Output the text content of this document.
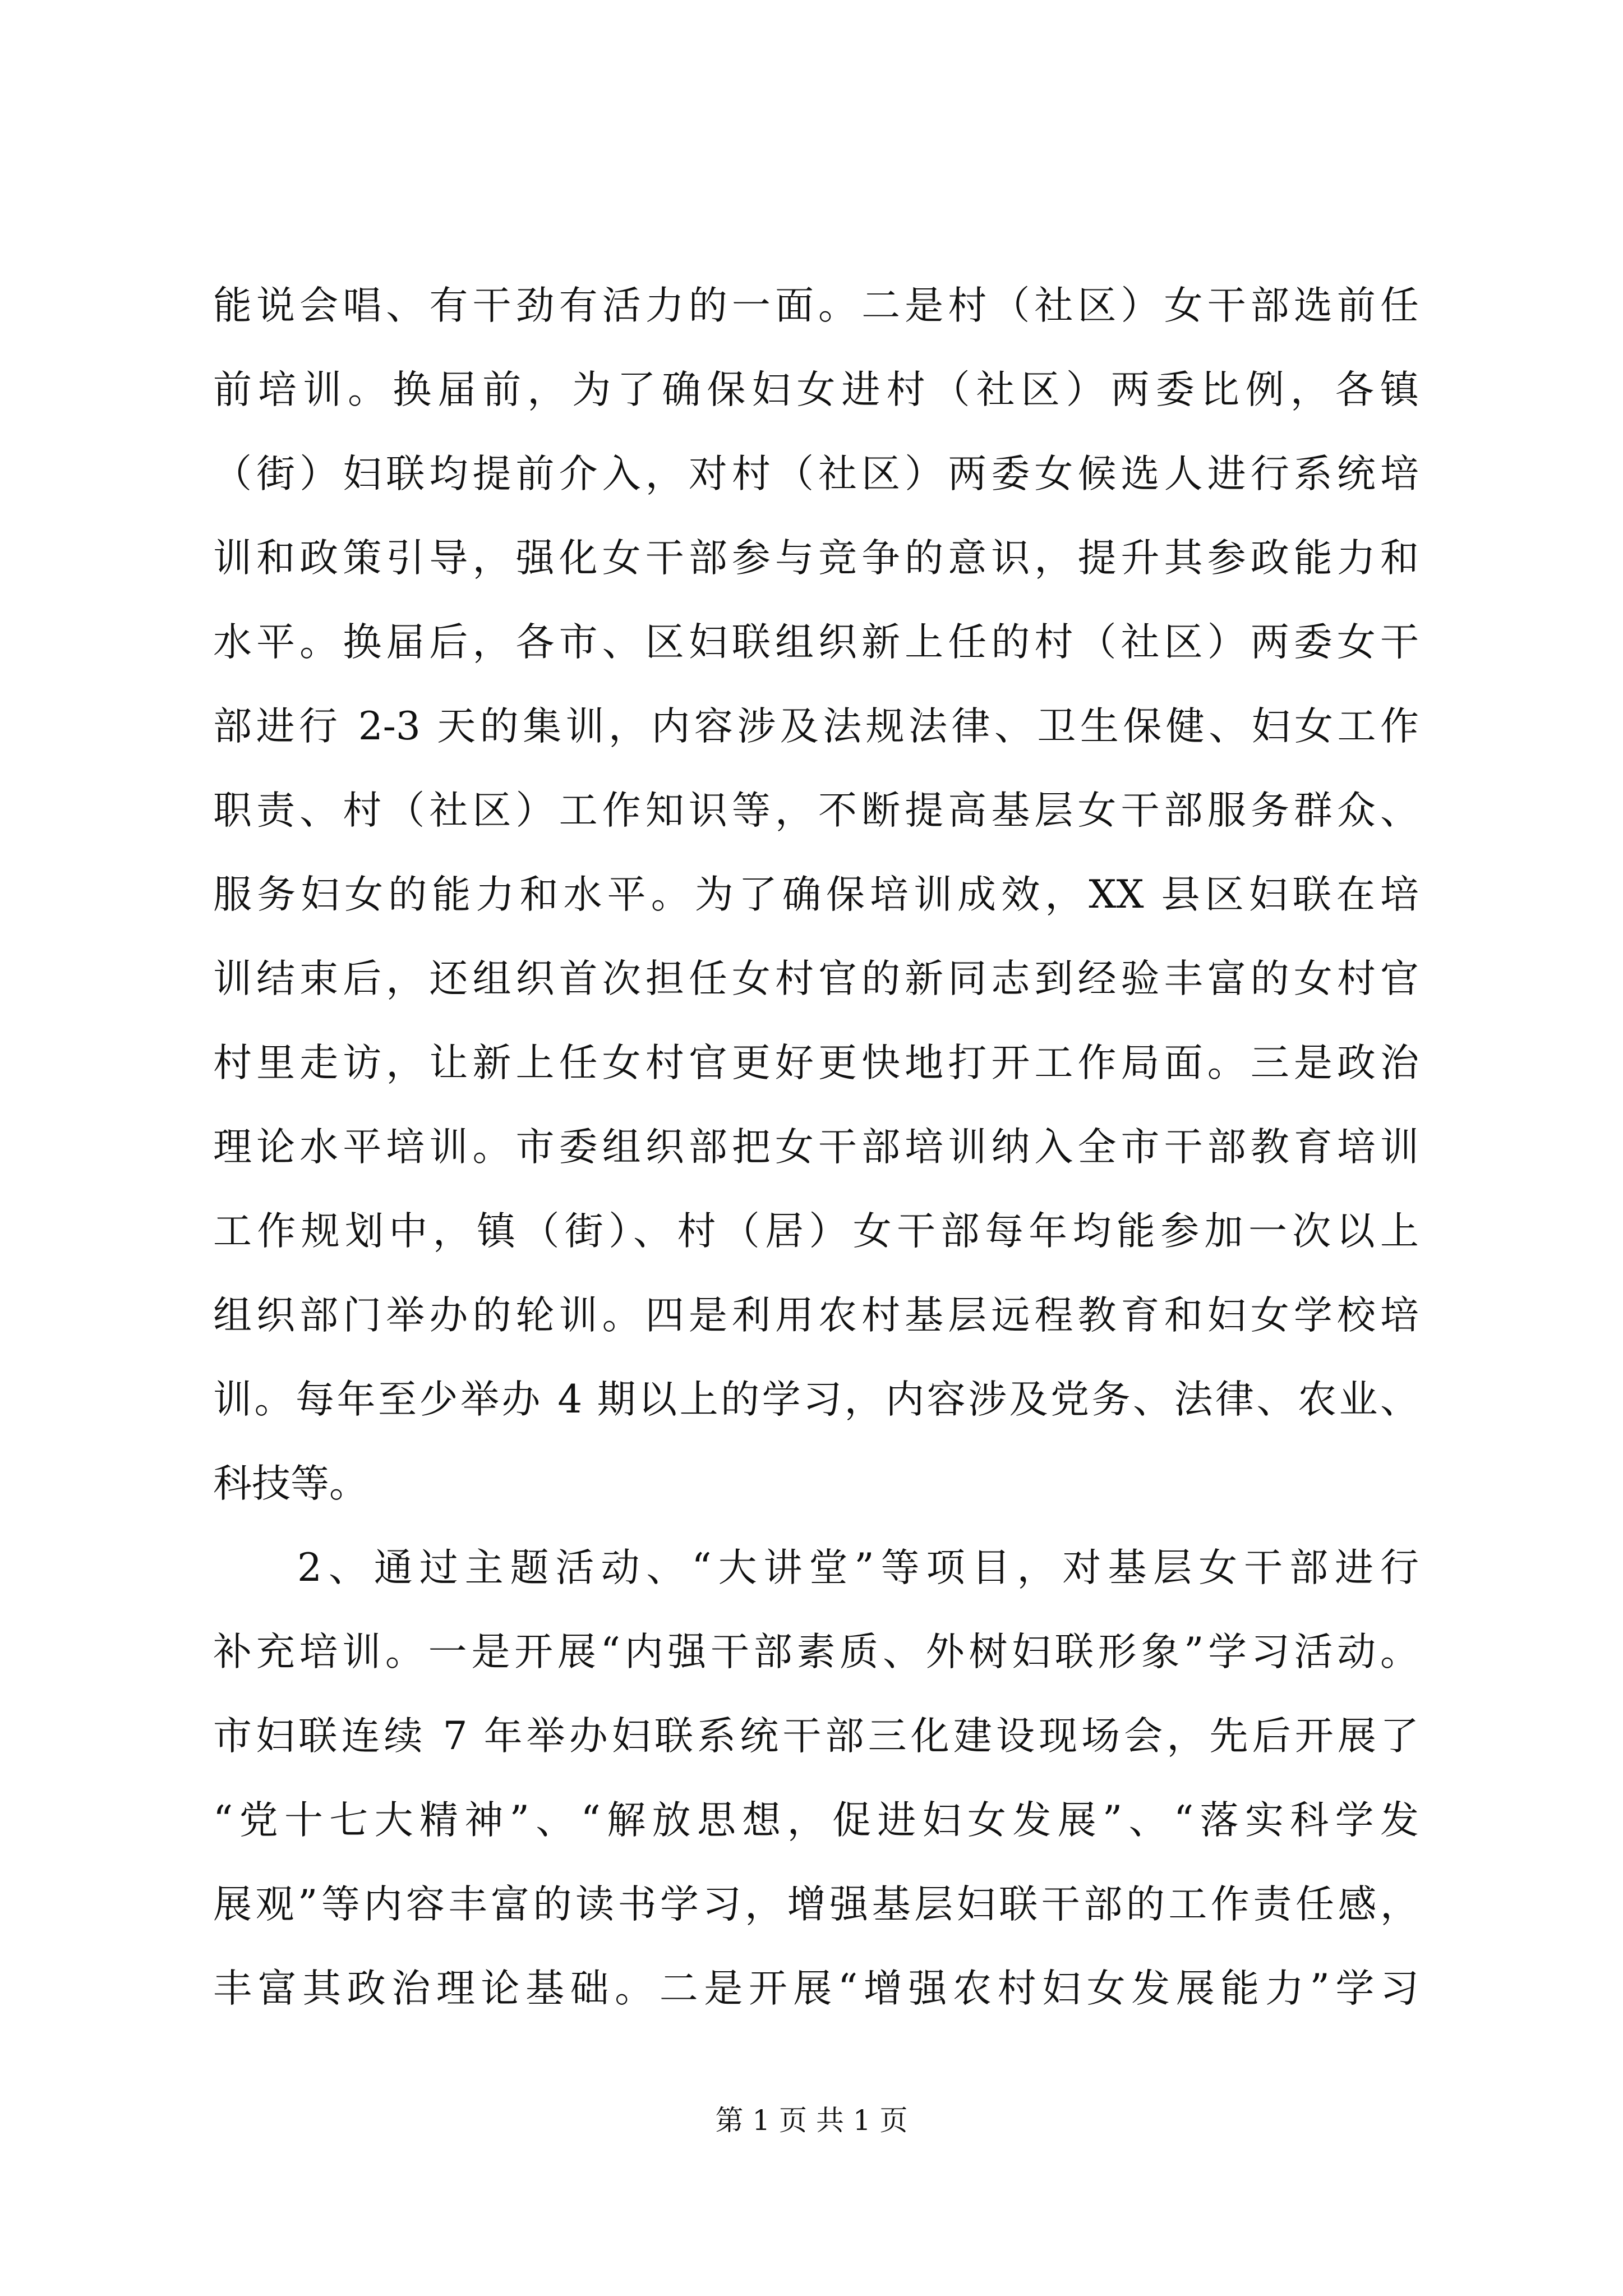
能说会唱、有干劲有活力的一面。二是村（社区）女干部选前任
前培训。换届前，为了确保妇女进村（社区）两委比例，各镇
（街）妇联均提前介入，对村（社区）两委女候选人进行系统培
训和政策引导，强化女干部参与竞争的意识，提升其参政能力和
水平。换届后，各市、区妇联组织新上任的村（社区）两委女干
部进行 2-3 天的集训，内容涉及法规法律、卫生保健、妇女工作
职责、村（社区）工作知识等，不断提高基层女干部服务群众、
服务妇女的能力和水平。为了确保培训成效，XX 县区妇联在培
训结束后，还组织首次担任女村官的新同志到经验丰富的女村官
村里走访，让新上任女村官更好更快地打开工作局面。三是政治
理论水平培训。市委组织部把女干部培训纳入全市干部教育培训
工作规划中，镇（街）、村（居）女干部每年均能参加一次以上
组织部门举办的轮训。四是利用农村基层远程教育和妇女学校培
训。每年至少举办 4 期以上的学习，内容涉及党务、法律、农业、
科技等。
2、通过主题活动、“大讲堂”等项目，对基层女干部进行
补充培训。一是开展“内强干部素质、外树妇联形象”学习活动。
市妇联连续 7 年举办妇联系统干部三化建设现场会，先后开展了
“党十七大精神”、“解放思想，促进妇女发展”、“落实科学发
展观”等内容丰富的读书学习，增强基层妇联干部的工作责任感，
丰富其政治理论基础。二是开展“增强农村妇女发展能力”学习
第 1 页 共 1 页
